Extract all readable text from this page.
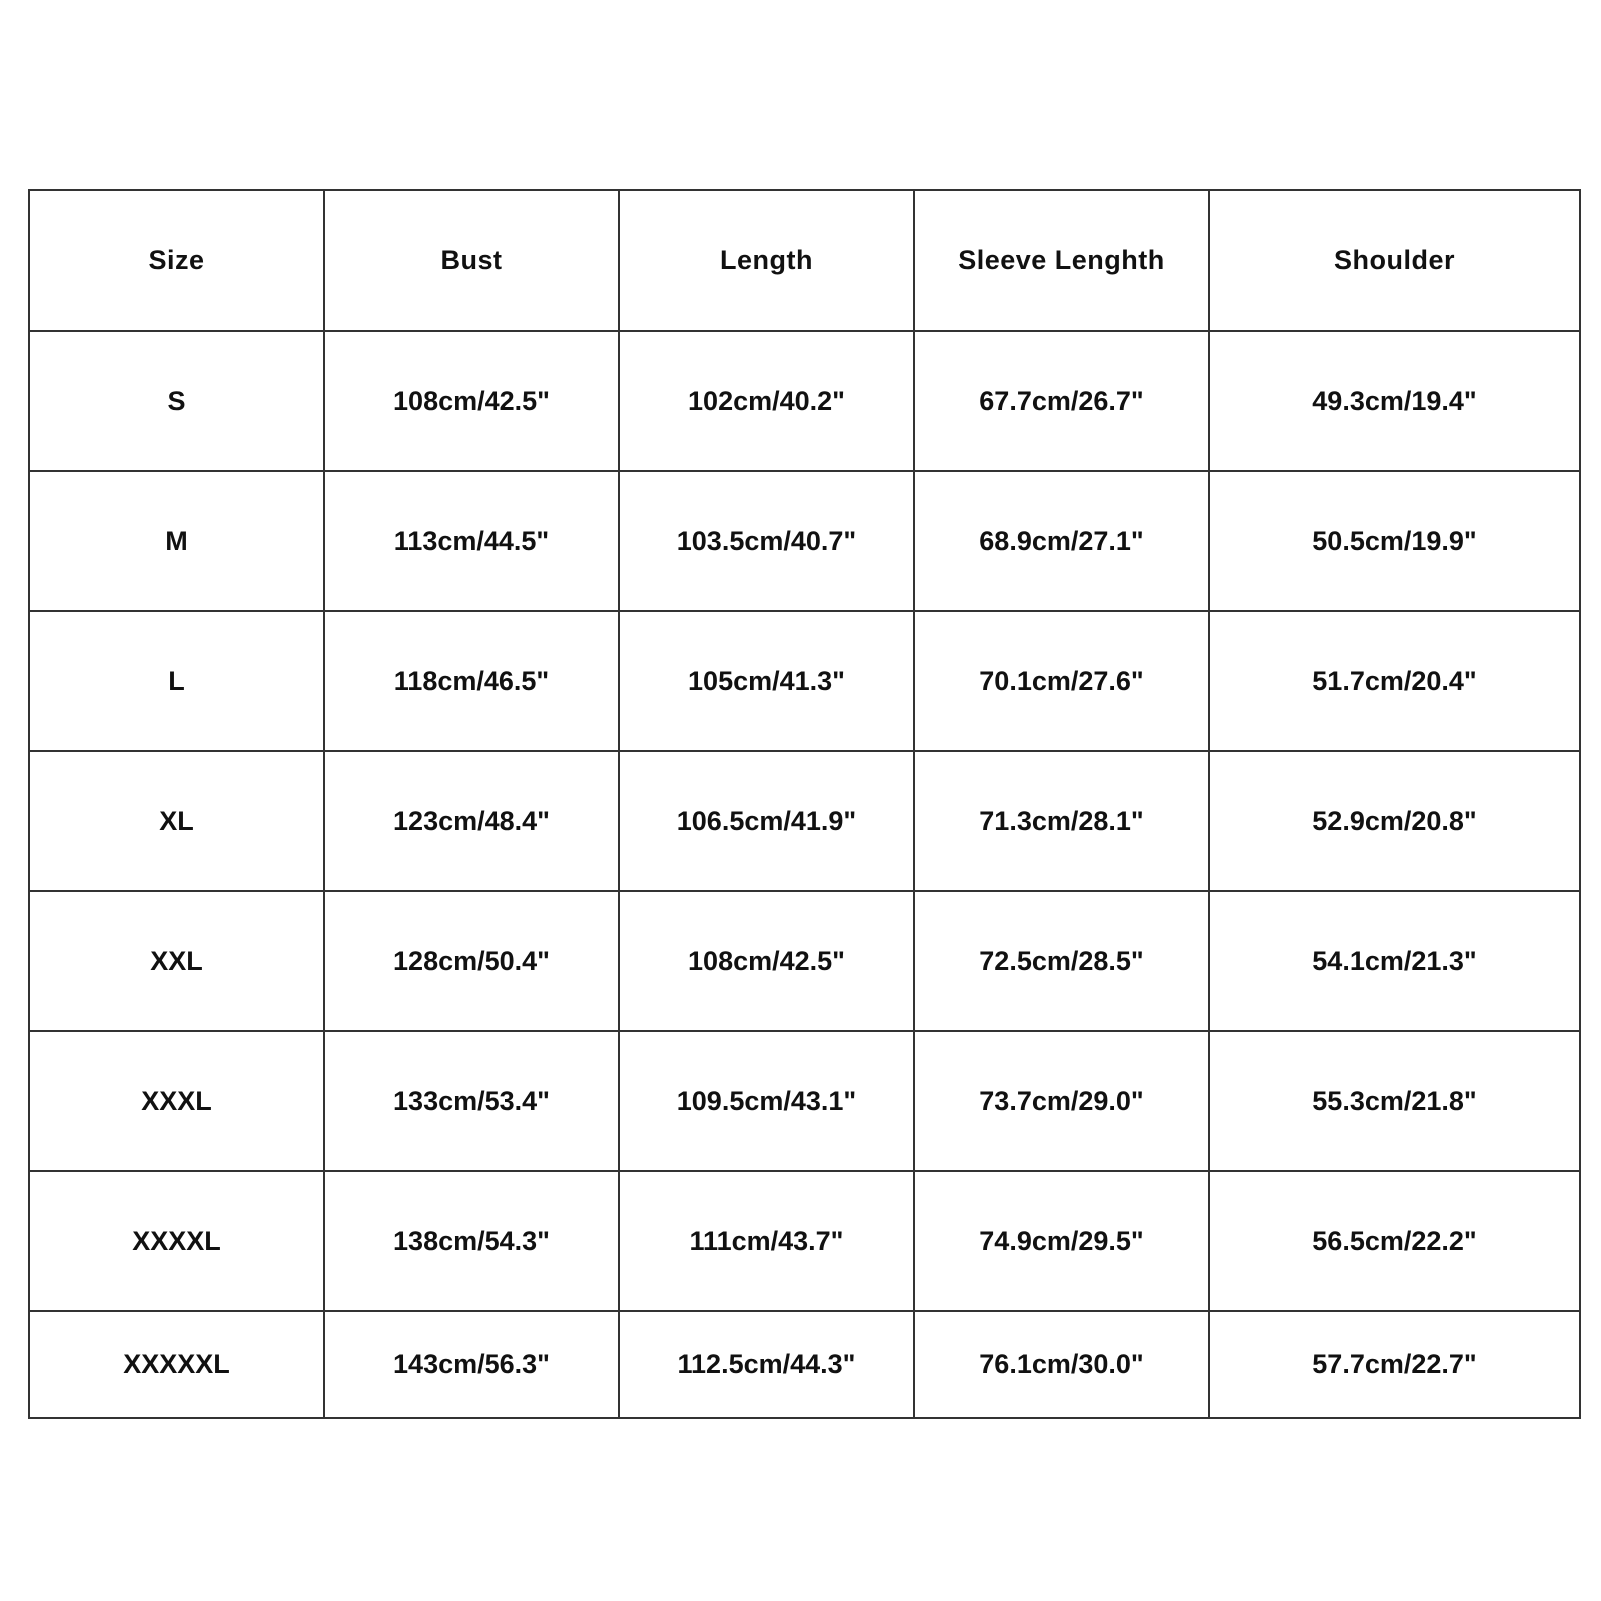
Size	Bust	Length	Sleeve Lenghth	Shoulder
S	108cm/42.5"	102cm/40.2"	67.7cm/26.7"	49.3cm/19.4"
M	113cm/44.5"	103.5cm/40.7"	68.9cm/27.1"	50.5cm/19.9"
L	118cm/46.5"	105cm/41.3"	70.1cm/27.6"	51.7cm/20.4"
XL	123cm/48.4"	106.5cm/41.9"	71.3cm/28.1"	52.9cm/20.8"
XXL	128cm/50.4"	108cm/42.5"	72.5cm/28.5"	54.1cm/21.3"
XXXL	133cm/53.4"	109.5cm/43.1"	73.7cm/29.0"	55.3cm/21.8"
XXXXL	138cm/54.3"	111cm/43.7"	74.9cm/29.5"	56.5cm/22.2"
XXXXXL	143cm/56.3"	112.5cm/44.3"	76.1cm/30.0"	57.7cm/22.7"
